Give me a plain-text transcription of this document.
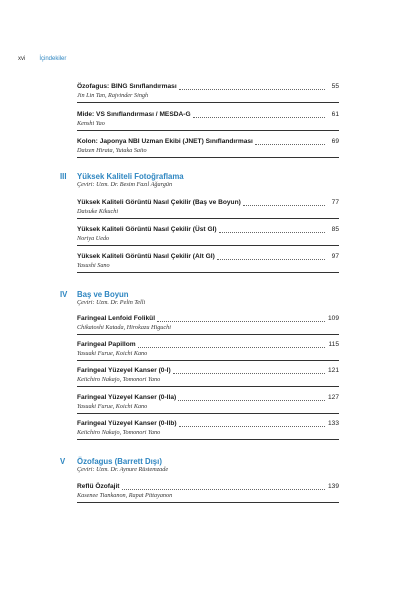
xvi İçindekiler
Özofagus: BING Sınıflandırması	55
Jin Lin Tan, Rajvinder Singh
Mide: VS Sınıflandırması / MESDA-G	61
Kenshi Yao
Kolon: Japonya NBI Uzman Ekibi (JNET) Sınıflandırması	69
Daizen Hirata, Yutaka Saito
III	Yüksek Kaliteli Fotoğraflama
Çeviri: Uzm. Dr. Besim Fazıl Ağargün
Yüksek Kaliteli Görüntü Nasıl Çekilir (Baş ve Boyun)	77
Daisuke Kikuchi
Yüksek Kaliteli Görüntü Nasıl Çekilir (Üst GI)	85
Noriya Uedo
Yüksek Kaliteli Görüntü Nasıl Çekilir (Alt GI)	97
Yasushi Sano
IV	Baş ve Boyun
Çeviri: Uzm. Dr. Pelin Telli
Faringeal Lenfoid Folikül	109
Chikatoshi Katada, Hirokazu Higuchi
Faringeal Papillom	115
Yasuaki Furue, Koichi Kano
Faringeal Yüzeyel Kanser (0-I)	121
Keiichiro Nakajo, Tomonori Yano
Faringeal Yüzeyel Kanser (0-IIa)	127
Yasuaki Furue, Koichi Kano
Faringeal Yüzeyel Kanser (0-IIb)	133
Keiichiro Nakajo, Tomonori Yano
V	Özofagus (Barrett Dışı)
Çeviri: Uzm. Dr. Aynure Rüstemzade
Reflü Özofajit	139
Kasenee Tiankanon, Rapat Pittayanon
